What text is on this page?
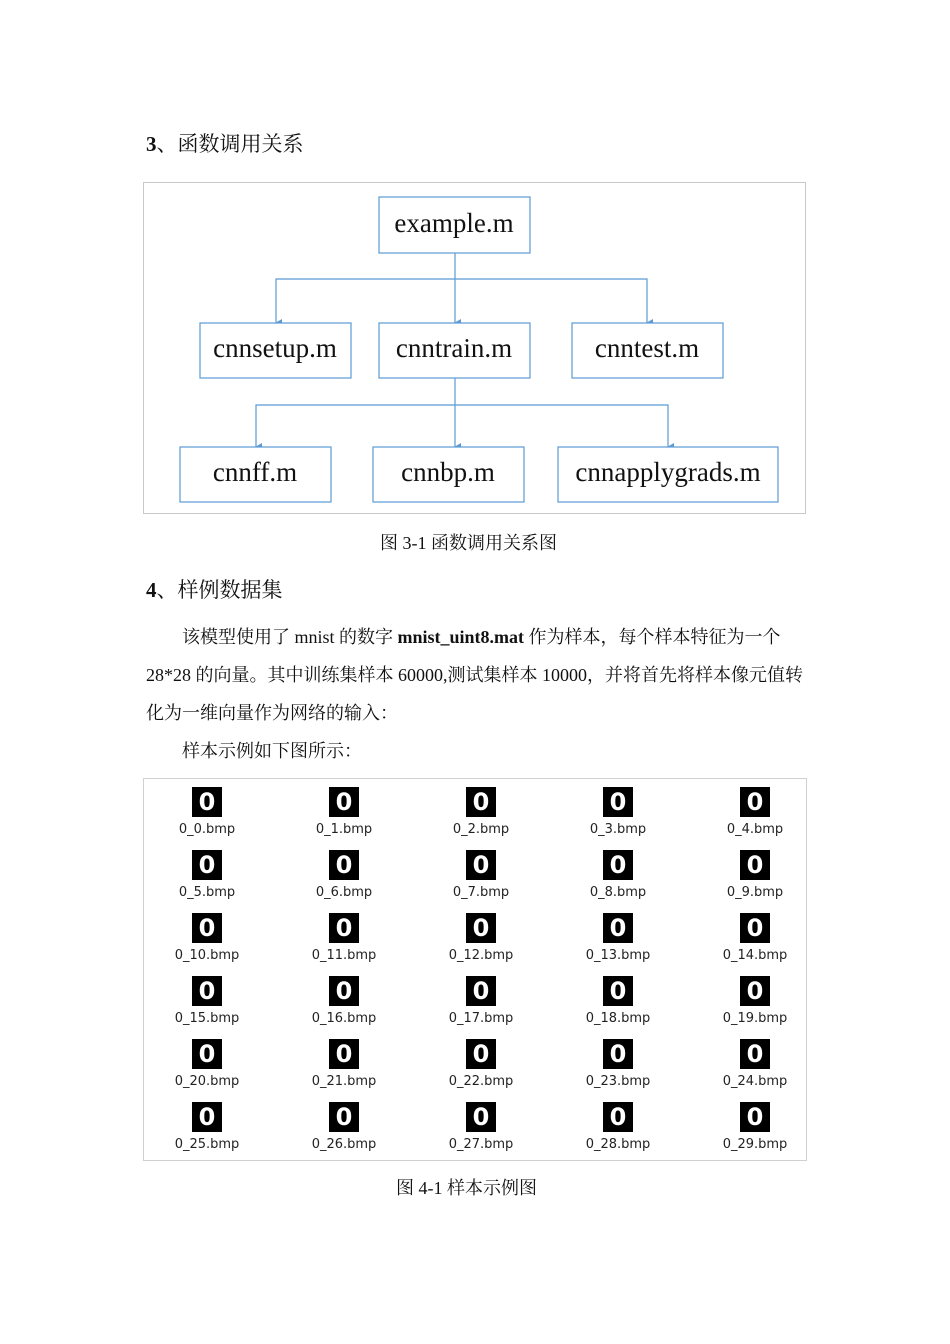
3、函数调用关系
example.m
cnnsetup.m cnntrain.m	cnntest.m
cnnff.m	cnnbp.m	cnnapplygrads.m
图 3-1 函数调用关系图
4、样例数据集
该模型使用了 mnist 的数字 mnist_uint8.mat 作为样本，每个样本特征为一个 28*28 的向量。其中训练集样本 60000,测试集样本 10000，并将首先将样本像元值转化为一维向量作为网络的输入：
样本示例如下图所示：
0
0_0.bmp
0
0_1.bmp
0
0_2.bmp
0
0_3.bmp
0
0_4.bmp
0
0_5.bmp
0
0_6.bmp
0
0_7.bmp
0
0_8.bmp
0
0_9.bmp
0
0_10.bmp
0
0_11.bmp
0
0_12.bmp
0
0_13.bmp
0
0_14.bmp
0
0_15.bmp
0
0_16.bmp
0
0_17.bmp
0
0_18.bmp
0
0_19.bmp
0
0_20.bmp
0
0_21.bmp
0
0_22.bmp
0
0_23.bmp
0
0_24.bmp
0
0_25.bmp
0
0_26.bmp
0
0_27.bmp
0
0_28.bmp
0
0_29.bmp
图 4-1 样本示例图
